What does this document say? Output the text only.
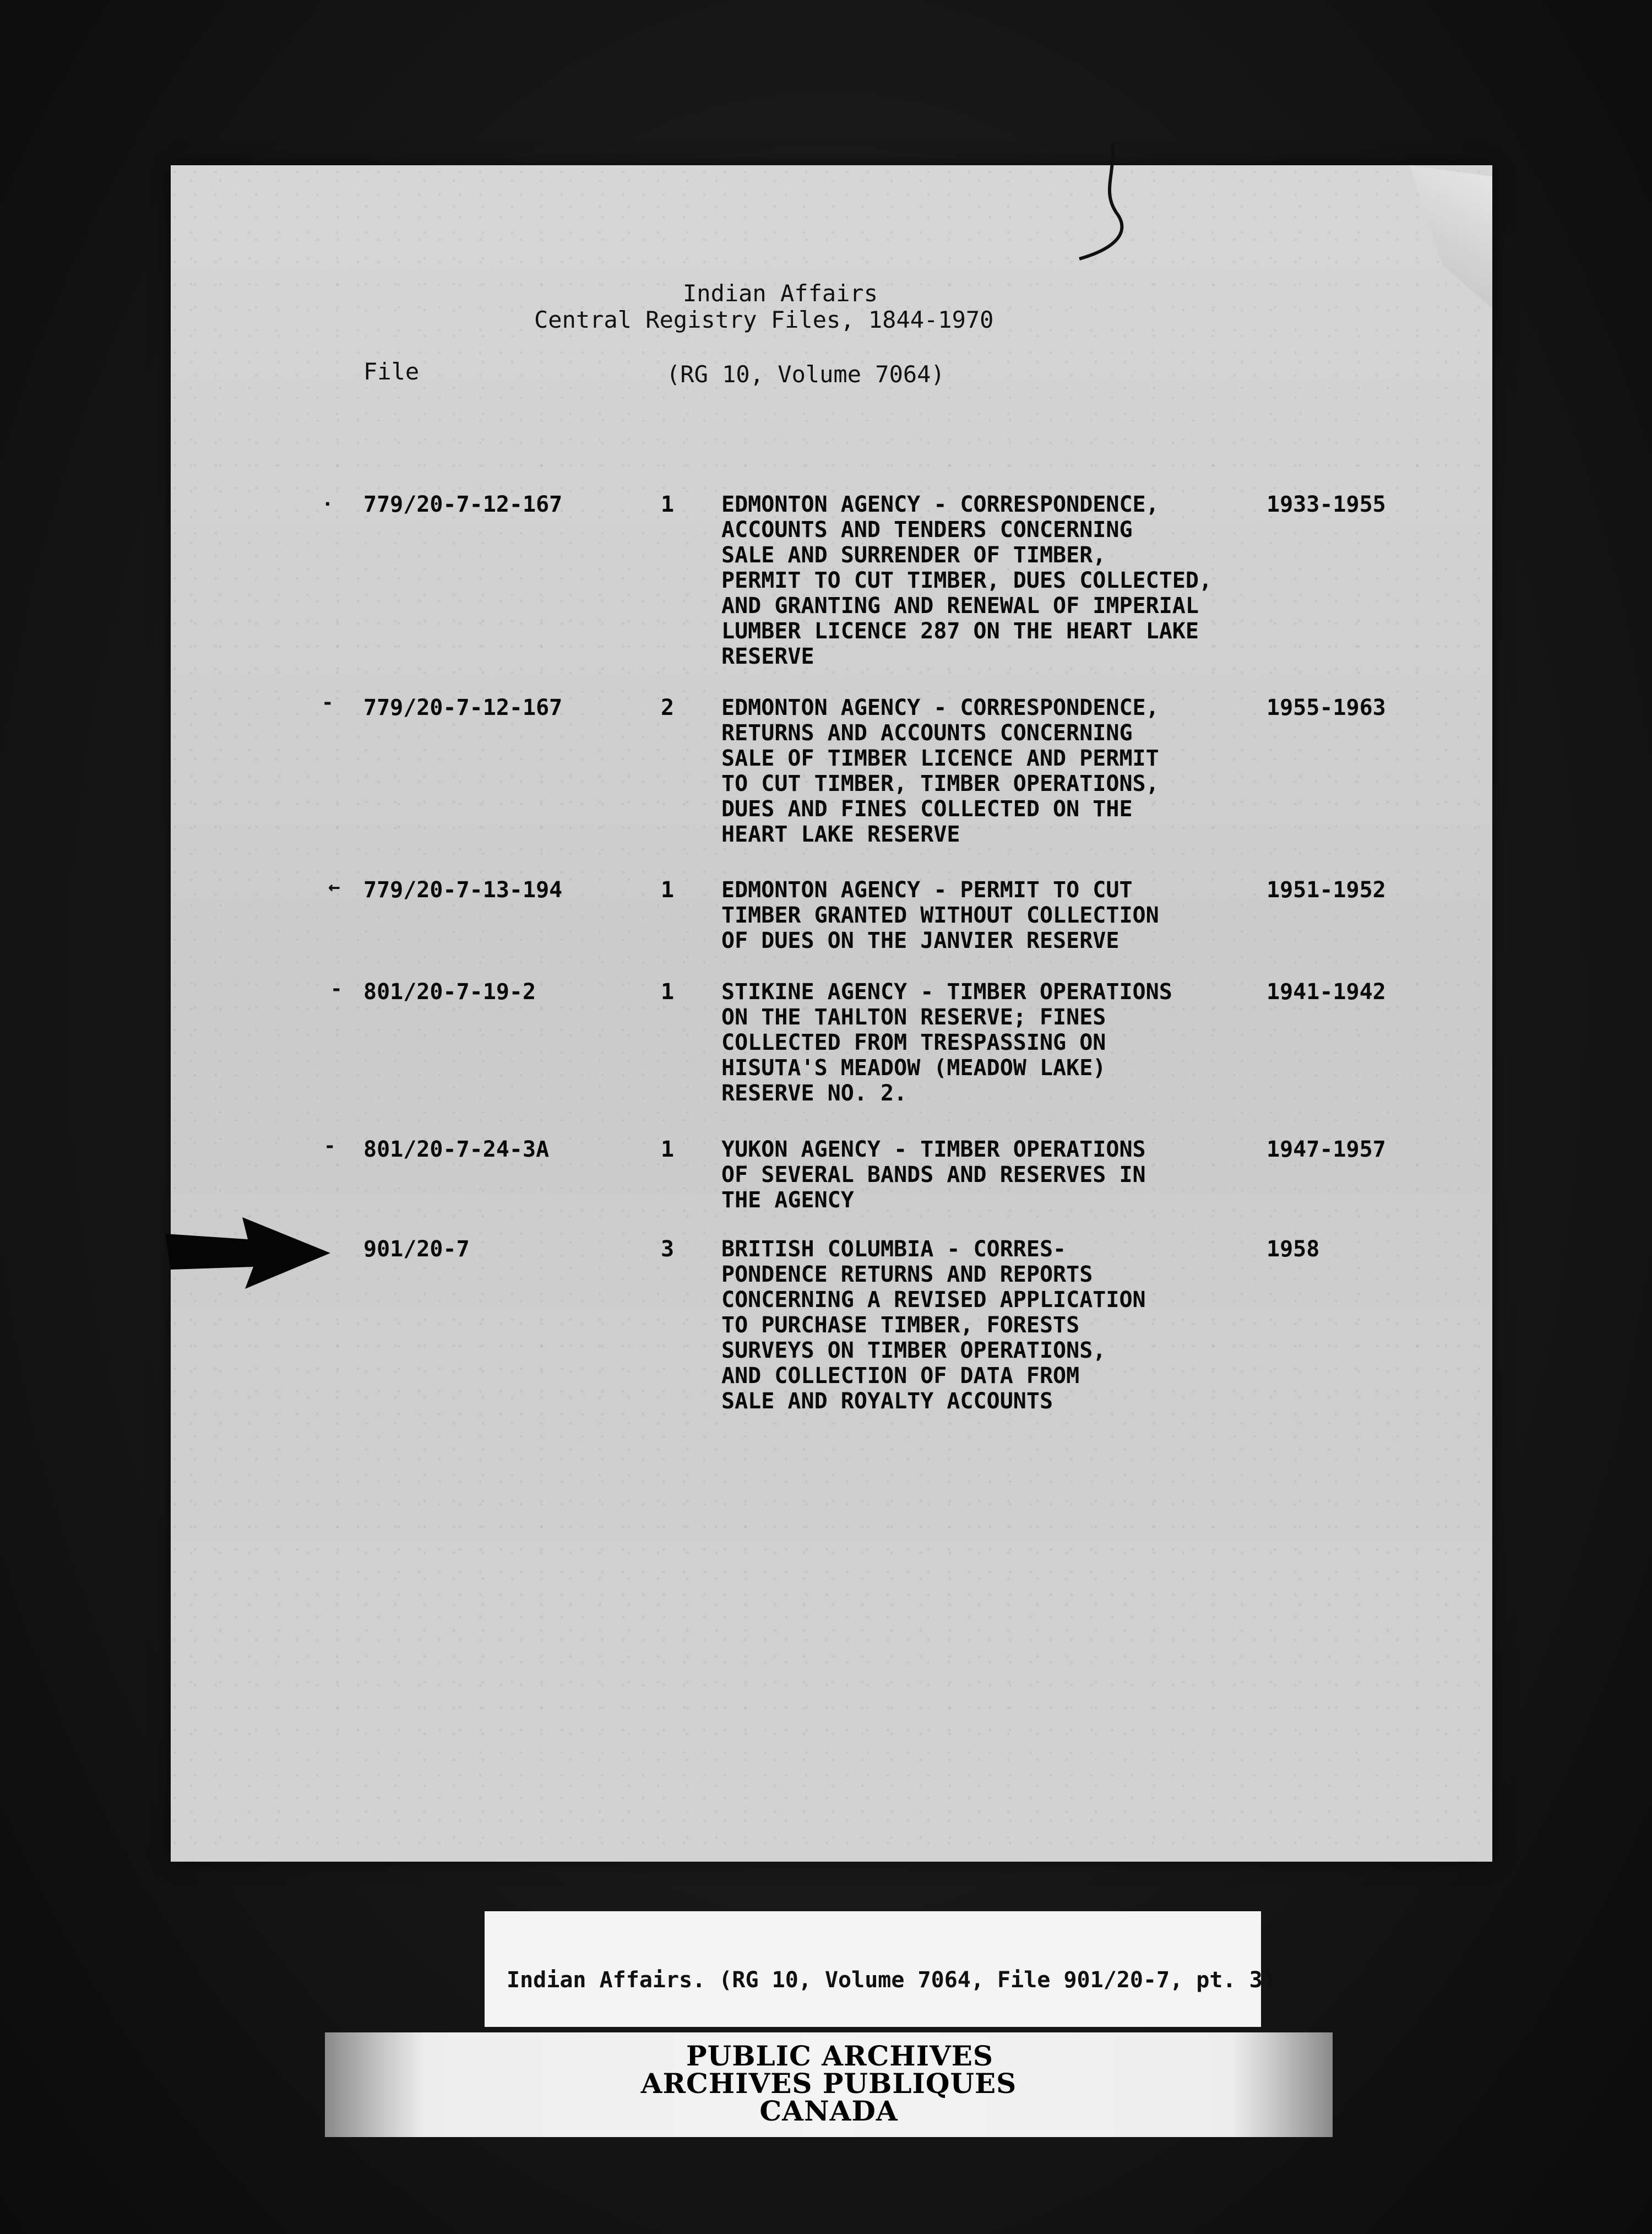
Indian Affairs
Central Registry Files, 1844-1970
File	(RG 10, Volume 7064)
· 779/20-7-12-167	1 EDMONTON AGENCY - CORRESPONDENCE,
ACCOUNTS AND TENDERS CONCERNING
SALE AND SURRENDER OF TIMBER,
PERMIT TO CUT TIMBER, DUES COLLECTED,
AND GRANTING AND RENEWAL OF IMPERIAL
LUMBER LICENCE 287 ON THE HEART LAKE
RESERVE
1933-1955
- 779/20-7-12-167	2 EDMONTON AGENCY - CORRESPONDENCE,
RETURNS AND ACCOUNTS CONCERNING
SALE OF TIMBER LICENCE AND PERMIT
TO CUT TIMBER, TIMBER OPERATIONS,
DUES AND FINES COLLECTED ON THE
HEART LAKE RESERVE
1955-1963
← 779/20-7-13-194	1 EDMONTON AGENCY - PERMIT TO CUT
TIMBER GRANTED WITHOUT COLLECTION
OF DUES ON THE JANVIER RESERVE
1951-1952
- 801/20-7-19-2	1 STIKINE AGENCY - TIMBER OPERATIONS
ON THE TAHLTON RESERVE; FINES
COLLECTED FROM TRESPASSING ON
HISUTA'S MEADOW (MEADOW LAKE)
RESERVE NO. 2.
1941-1942
- 801/20-7-24-3A	1 YUKON AGENCY - TIMBER OPERATIONS
OF SEVERAL BANDS AND RESERVES IN
THE AGENCY
1947-1957
901/20-7	3 BRITISH COLUMBIA - CORRES-
PONDENCE RETURNS AND REPORTS
CONCERNING A REVISED APPLICATION
TO PURCHASE TIMBER, FORESTS
SURVEYS ON TIMBER OPERATIONS,
AND COLLECTION OF DATA FROM
SALE AND ROYALTY ACCOUNTS
1958
Indian Affairs. (RG 10, Volume 7064, File 901/20-7, pt. 3)
PUBLIC ARCHIVES
ARCHIVES PUBLIQUES
CANADA
